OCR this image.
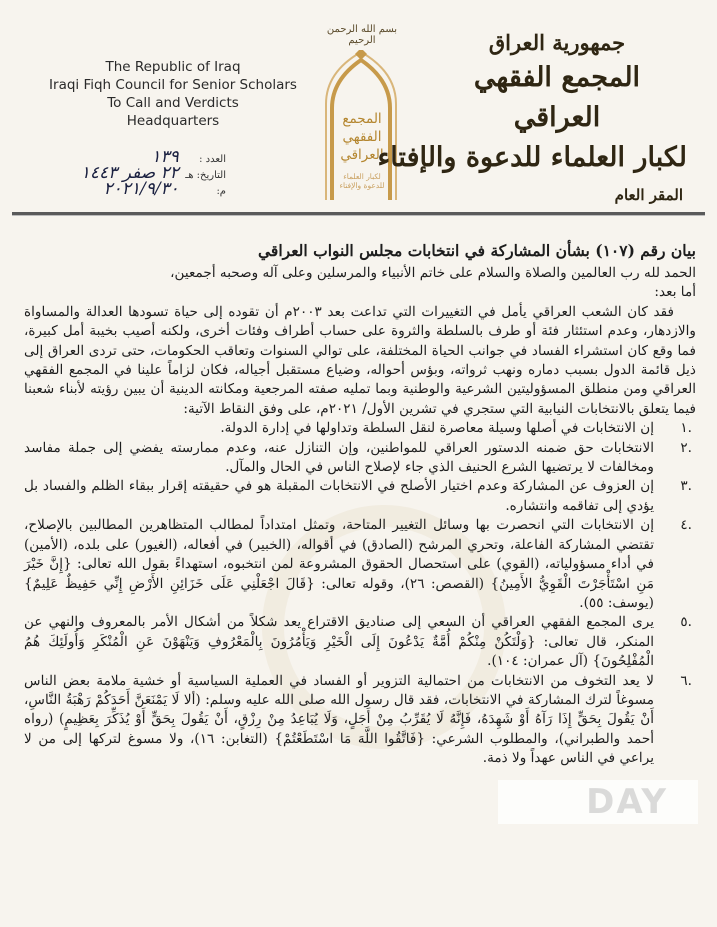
The Republic of Iraq
Iraqi Fiqh Council for Senior Scholars
To Call and Verdicts
Headquarters
بسم الله الرحمن الرحيم
المجمع
الفقهي
العراقي
لكبار العلماء
للدعوة والإفتاء
جمهورية العراق
المجمع الفقهي العراقي
لكبار العلماء للدعوة والإفتاء
المقر العام
العدد : ١٣٩
التاريخ: هـ ٢٢ صفر ١٤٤٣
م: ٢٠٢١/٩/٣٠

بيان رقم (١٠٧) بشأن المشاركة في انتخابات مجلس النواب العراقي

الحمد لله رب العالمين والصلاة والسلام على خاتم الأنبياء والمرسلين وعلى آله وصحبه أجمعين،

أما بعد:

فقد كان الشعب العراقي يأمل في التغييرات التي تداعت بعد ٢٠٠٣م أن تقوده إلى حياة تسودها العدالة والمساواة والازدهار، وعدم استئثار فئة أو طرف بالسلطة والثروة على حساب أطراف وفئات أخرى، ولكنه أصيب بخيبة أمل كبيرة، فما وقع كان استشراء الفساد في جوانب الحياة المختلفة، على توالي السنوات وتعاقب الحكومات، حتى تردى العراق إلى ذيل قائمة الدول بسبب دماره ونهب ثرواته، وبؤس أحواله، وضياع مستقبل أجياله، فكان لزاماً علينا في المجمع الفقهي العراقي ومن منطلق المسؤوليتين الشرعية والوطنية وبما تمليه صفته المرجعية ومكانته الدينية أن يبين رؤيته لأبناء شعبنا فيما يتعلق بالانتخابات النيابية التي ستجري في تشرين الأول/ ٢٠٢١م، على وفق النقاط الآتية:

.١
إن الانتخابات في أصلها وسيلة معاصرة لنقل السلطة وتداولها في إدارة الدولة.
.٢
الانتخابات حق ضمنه الدستور العراقي للمواطنين، وإن التنازل عنه، وعدم ممارسته يفضي إلى جملة مفاسد ومخالفات لا يرتضيها الشرع الحنيف الذي جاء لإصلاح الناس في الحال والمآل.
.٣
إن العزوف عن المشاركة وعدم اختيار الأصلح في الانتخابات المقبلة هو في حقيقته إقرار ببقاء الظلم والفساد بل يؤدي إلى تفاقمه وانتشاره.
.٤
إن الانتخابات التي انحصرت بها وسائل التغيير المتاحة، وتمثل امتداداً لمطالب المتظاهرين المطالبين بالإصلاح، تقتضي المشاركة الفاعلة، وتحري المرشح (الصادق) في أقواله، (الخبير) في أفعاله، (الغيور) على بلده، (الأمين) في أداء مسؤولياته، (القوي) على استحصال الحقوق المشروعة لمن انتخبوه، استهداءً بقول الله تعالى: {إِنَّ خَيْرَ مَنِ اسْتَأْجَرْتَ الْقَوِيُّ الأَمِينُ} (القصص: ٢٦)، وقوله تعالى: {قَالَ اجْعَلْنِي عَلَى خَزَائِنِ الأَرْضِ إِنِّي حَفِيظٌ عَلِيمٌ} (يوسف: ٥٥).
.٥
يرى المجمع الفقهي العراقي أن السعي إلى صناديق الاقتراع يعد شكلاً من أشكال الأمر بالمعروف والنهي عن المنكر، قال تعالى: {وَلْتَكُنْ مِنْكُمْ أُمَّةٌ يَدْعُونَ إِلَى الْخَيْرِ وَيَأْمُرُونَ بِالْمَعْرُوفِ وَيَنْهَوْنَ عَنِ الْمُنْكَرِ وَأُولَئِكَ هُمُ الْمُفْلِحُونَ} (آل عمران: ١٠٤).
.٦
لا يعد التخوف من الانتخابات من احتمالية التزوير أو الفساد في العملية السياسية أو خشية ملامة بعض الناس مسوغاً لترك المشاركة في الانتخابات، فقد قال رسول الله صلى الله عليه وسلم: (ألا لَا يَمْنَعَنَّ أَحَدَكُمْ رَهْبَةُ النَّاسِ، أَنْ يَقُولَ بِحَقٍّ إِذَا رَآهُ أَوْ شَهِدَهُ، فَإِنَّهُ لَا يُقَرِّبُ مِنْ أَجَلٍ، وَلَا يُبَاعِدُ مِنْ رِزْقٍ، أَنْ يَقُولَ بِحَقٍّ أَوْ يُذَكِّرَ بِعَظِيمٍ) (رواه أحمد والطبراني)، والمطلوب الشرعي: {فَاتَّقُوا اللَّهَ مَا اسْتَطَعْتُمْ} (التغابن: ١٦)، ولا مسوغ لتركها إلى من لا يراعي في الناس عهداً ولا ذمة.
DAY
